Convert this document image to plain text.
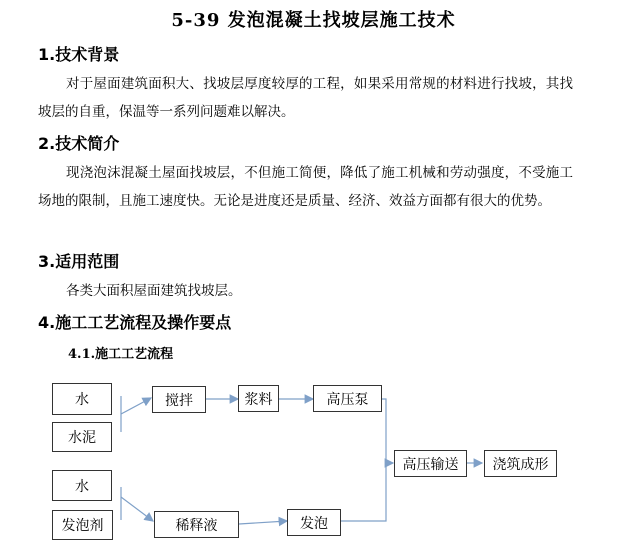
5-39 发泡混凝土找坡层施工技术
1.技术背景
对于屋面建筑面积大、找坡层厚度较厚的工程，如果采用常规的材料进行找坡，其找坡层的自重，保温等一系列问题难以解决。
2.技术简介
现浇泡沫混凝土屋面找坡层，不但施工简便，降低了施工机械和劳动强度，不受施工场地的限制，且施工速度快。无论是进度还是质量、经济、效益方面都有很大的优势。
3.适用范围
各类大面积屋面建筑找坡层。
4.施工工艺流程及操作要点
4.1.施工工艺流程
水
水泥
搅拌	浆料	高压泵
水
发泡剂	稀释液	发泡
高压输送	浇筑成形
